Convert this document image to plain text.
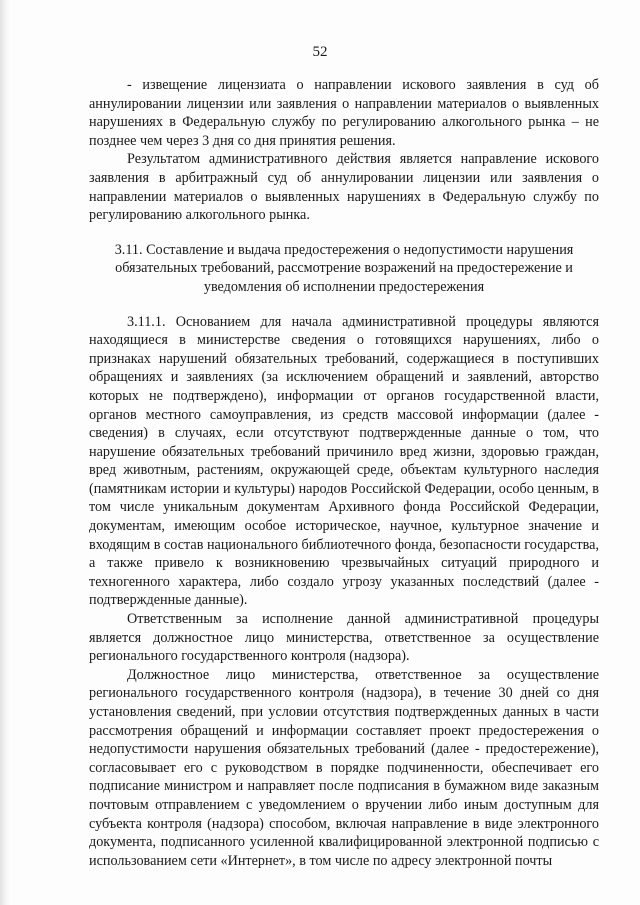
52

- извещение лицензиата о направлении искового заявления в суд об аннулировании лицензии или заявления о направлении материалов о выявленных нарушениях в Федеральную службу по регулированию алкогольного рынка – не позднее чем через 3 дня со дня принятия решения.

Результатом административного действия является направление искового заявления в арбитражный суд об аннулировании лицензии или заявления о направлении материалов о выявленных нарушениях в Федеральную службу по регулированию алкогольного рынка.

3.11. Составление и выдача предостережения о недопустимости нарушения обязательных требований, рассмотрение возражений на предостережение и уведомления об исполнении предостережения

3.11.1. Основанием для начала административной процедуры являются находящиеся в министерстве сведения о готовящихся нарушениях, либо о признаках нарушений обязательных требований, содержащиеся в поступивших обращениях и заявлениях (за исключением обращений и заявлений, авторство которых не подтверждено), информации от органов государственной власти, органов местного самоуправления, из средств массовой информации (далее - сведения) в случаях, если отсутствуют подтвержденные данные о том, что нарушение обязательных требований причинило вред жизни, здоровью граждан, вред животным, растениям, окружающей среде, объектам культурного наследия (памятникам истории и культуры) народов Российской Федерации, особо ценным, в том числе уникальным документам Архивного фонда Российской Федерации, документам, имеющим особое историческое, научное, культурное значение и входящим в состав национального библиотечного фонда, безопасности государства, а также привело к возникновению чрезвычайных ситуаций природного и техногенного характера, либо создало угрозу указанных последствий (далее - подтвержденные данные).

Ответственным за исполнение данной административной процедуры является должностное лицо министерства, ответственное за осуществление регионального государственного контроля (надзора).

Должностное лицо министерства, ответственное за осуществление регионального государственного контроля (надзора), в течение 30 дней со дня установления сведений, при условии отсутствия подтвержденных данных в части рассмотрения обращений и информации составляет проект предостережения о недопустимости нарушения обязательных требований (далее - предостережение), согласовывает его с руководством в порядке подчиненности, обеспечивает его подписание министром и направляет после подписания в бумажном виде заказным почтовым отправлением с уведомлением о вручении либо иным доступным для субъекта контроля (надзора) способом, включая направление в виде электронного документа, подписанного усиленной квалифицированной электронной подписью с использованием сети «Интернет», в том числе по адресу электронной почты
